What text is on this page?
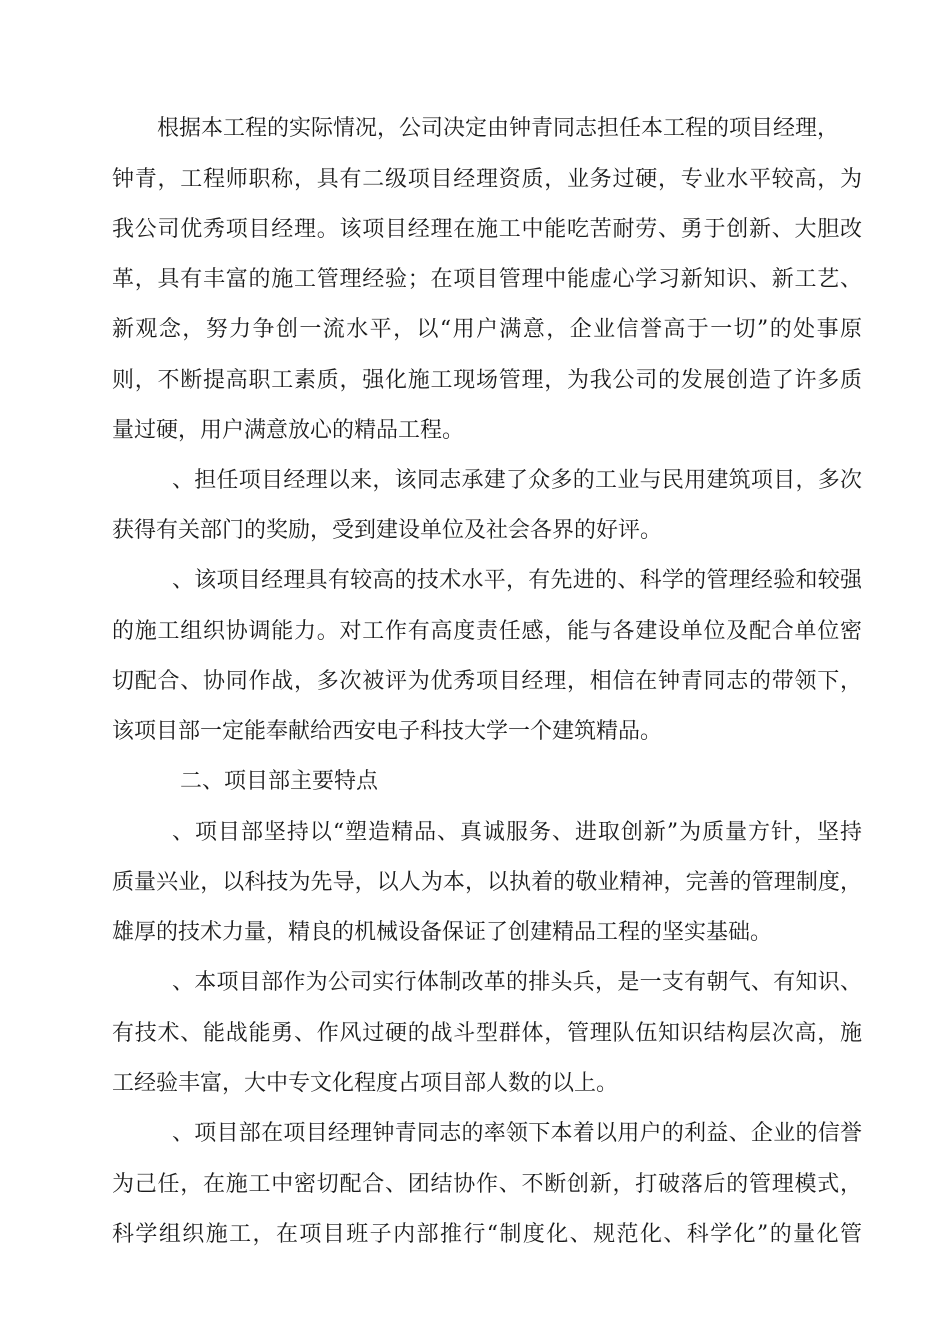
根据本工程的实际情况，公司决定由钟青同志担任本工程的项目经理，
钟青，工程师职称，具有二级项目经理资质，业务过硬，专业水平较高，为
我公司优秀项目经理。该项目经理在施工中能吃苦耐劳、勇于创新、大胆改
革，具有丰富的施工管理经验；在项目管理中能虚心学习新知识、新工艺、
新观念，努力争创一流水平，以“用户满意，企业信誉高于一切”的处事原
则，不断提高职工素质，强化施工现场管理，为我公司的发展创造了许多质
量过硬，用户满意放心的精品工程。
、担任项目经理以来，该同志承建了众多的工业与民用建筑项目，多次
获得有关部门的奖励，受到建设单位及社会各界的好评。
、该项目经理具有较高的技术水平，有先进的、科学的管理经验和较强
的施工组织协调能力。对工作有高度责任感，能与各建设单位及配合单位密
切配合、协同作战，多次被评为优秀项目经理，相信在钟青同志的带领下，
该项目部一定能奉献给西安电子科技大学一个建筑精品。
二、项目部主要特点
、项目部坚持以“塑造精品、真诚服务、进取创新”为质量方针，坚持
质量兴业，以科技为先导，以人为本，以执着的敬业精神，完善的管理制度，
雄厚的技术力量，精良的机械设备保证了创建精品工程的坚实基础。
、本项目部作为公司实行体制改革的排头兵，是一支有朝气、有知识、
有技术、能战能勇、作风过硬的战斗型群体，管理队伍知识结构层次高，施
工经验丰富，大中专文化程度占项目部人数的以上。
、项目部在项目经理钟青同志的率领下本着以用户的利益、企业的信誉
为己任，在施工中密切配合、团结协作、不断创新，打破落后的管理模式，
科学组织施工，在项目班子内部推行“制度化、规范化、科学化”的量化管
